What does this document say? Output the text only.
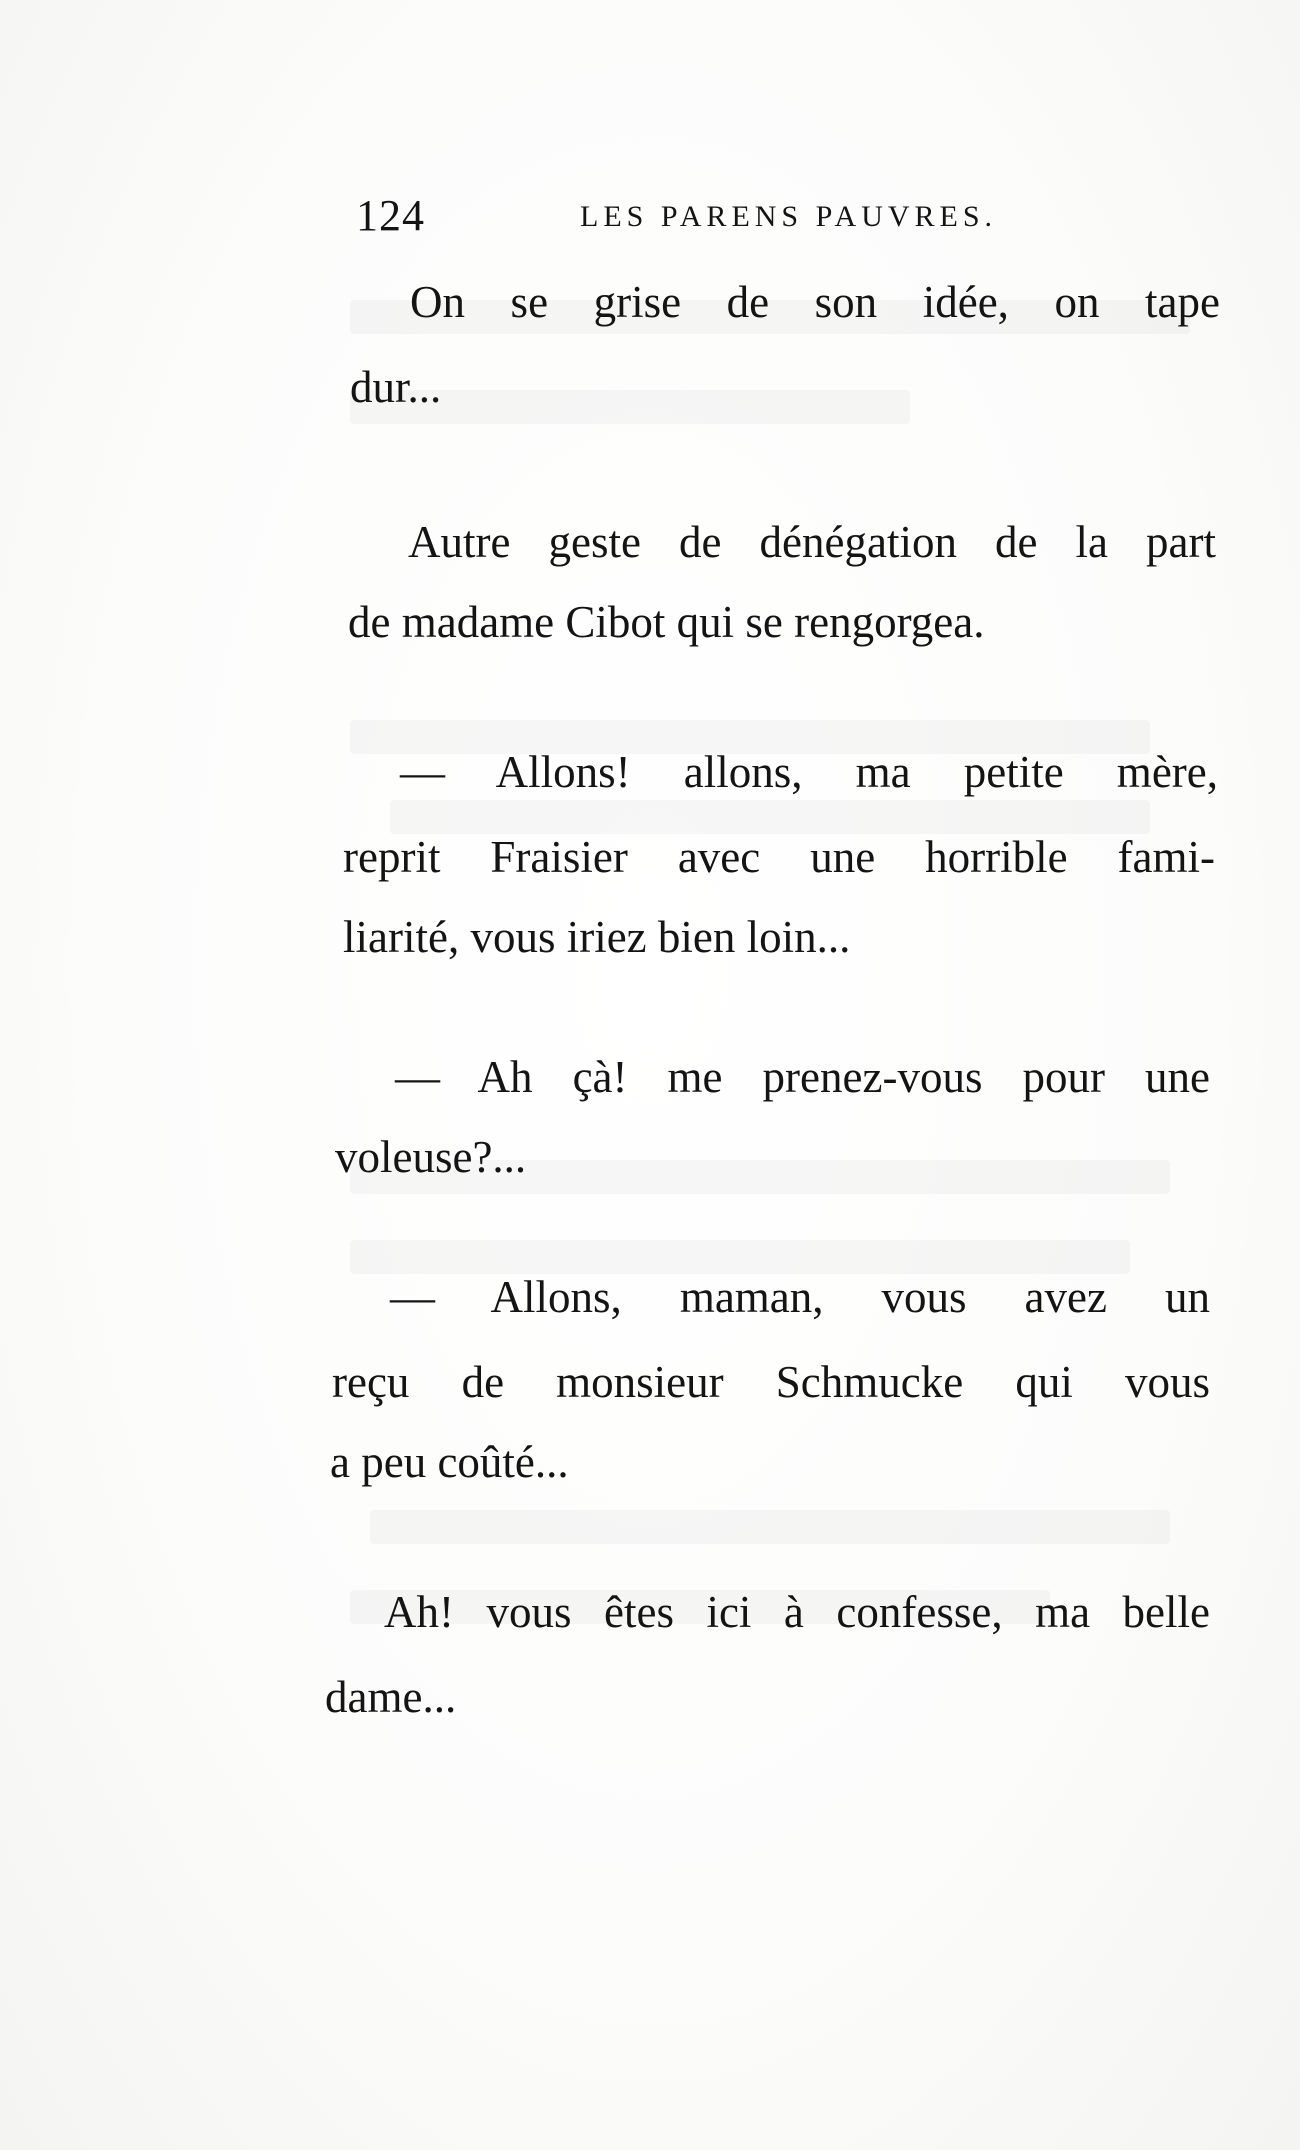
124	LES PARENS PAUVRES.
On se grise de son idée, on tape
dur...
Autre geste de dénégation de la part
de madame Cibot qui se rengorgea.
— Allons! allons, ma petite mère,
reprit Fraisier avec une horrible fami-
liarité, vous iriez bien loin...
— Ah çà! me prenez-vous pour une
voleuse?...
— Allons, maman, vous avez un
reçu de monsieur Schmucke qui vous
a peu coûté...
Ah! vous êtes ici à confesse, ma belle
dame...
